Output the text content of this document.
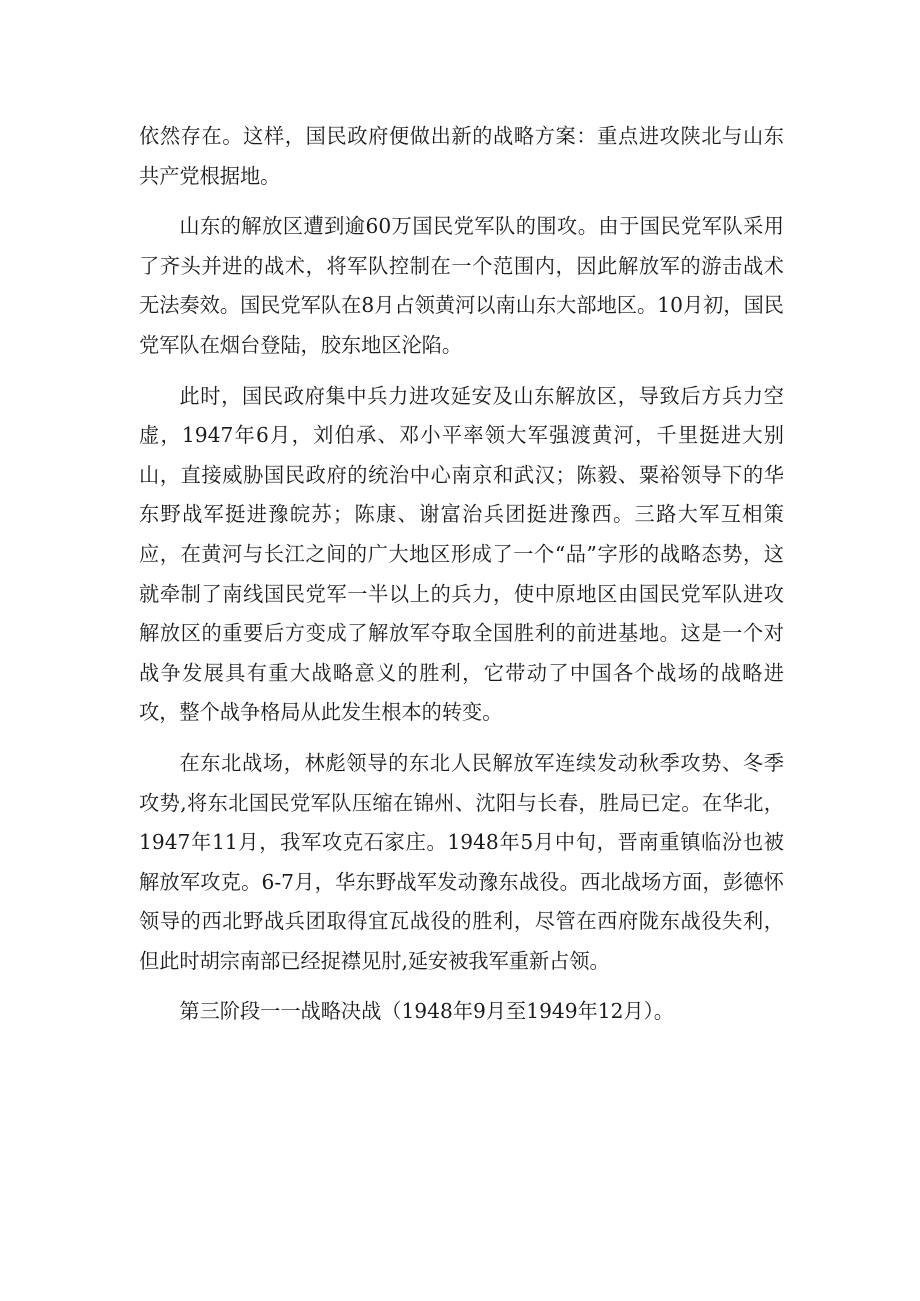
依然存在。这样，国民政府便做出新的战略方案：重点进攻陕北与山东共产党根据地。

山东的解放区遭到逾60万国民党军队的围攻。由于国民党军队采用了齐头并进的战术，将军队控制在一个范围内，因此解放军的游击战术无法奏效。国民党军队在8月占领黄河以南山东大部地区。10月初，国民党军队在烟台登陆，胶东地区沦陷。

此时，国民政府集中兵力进攻延安及山东解放区，导致后方兵力空虚，1947年6月，刘伯承、邓小平率领大军强渡黄河，千里挺进大别山，直接威胁国民政府的统治中心南京和武汉；陈毅、粟裕领导下的华东野战军挺进豫皖苏；陈康、谢富治兵团挺进豫西。三路大军互相策应，在黄河与长江之间的广大地区形成了一个“品”字形的战略态势，这就牵制了南线国民党军一半以上的兵力，使中原地区由国民党军队进攻解放区的重要后方变成了解放军夺取全国胜利的前进基地。这是一个对战争发展具有重大战略意义的胜利，它带动了中国各个战场的战略进攻，整个战争格局从此发生根本的转变。

在东北战场，林彪领导的东北人民解放军连续发动秋季攻势、冬季攻势,将东北国民党军队压缩在锦州、沈阳与长春，胜局已定。在华北，1947年11月，我军攻克石家庄。1948年5月中旬，晋南重镇临汾也被解放军攻克。6-7月，华东野战军发动豫东战役。西北战场方面，彭德怀领导的西北野战兵团取得宜瓦战役的胜利，尽管在西府陇东战役失利，但此时胡宗南部已经捉襟见肘,延安被我军重新占领。

第三阶段一一战略决战（1948年9月至1949年12月）。
